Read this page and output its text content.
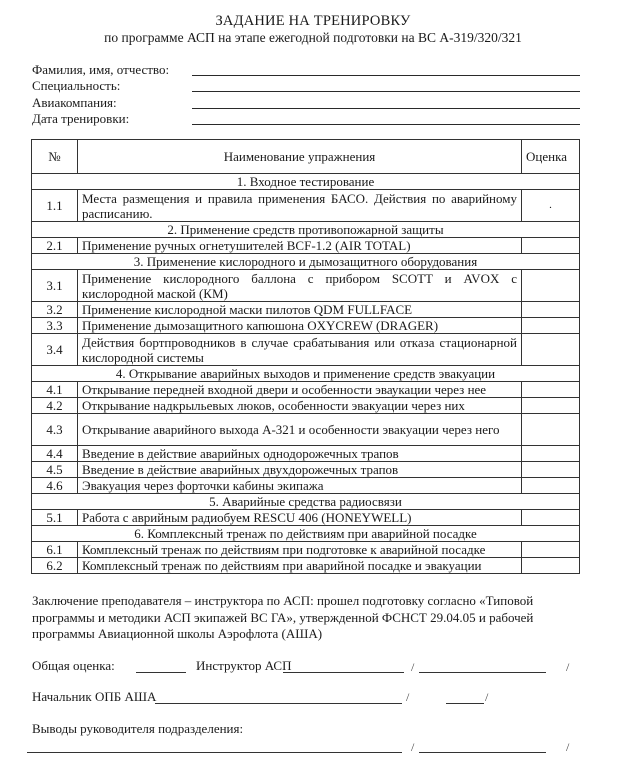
ЗАДАНИЕ НА ТРЕНИРОВКУ
по программе АСП на этапе ежегодной подготовки на ВС А-319/320/321
Фамилия, имя, отчество:
Специальность:
Авиакомпания:
Дата тренировки:
№	Наименование упражнения	Оценка
1. Входное тестирование		
1.1	Места размещения и правила применения БАСО. Действия по аварийному расписанию.	.

2. Применение средств противопожарной защиты		
2.1	Применение ручных огнетушителей BCF-1.2 (AIR TOTAL)	
3. Применение кислородного и дымозащитного оборудования		
3.1	Применение кислородного баллона с прибором SCOTT и AVOX с кислородной маской (КМ)	
3.2	Применение кислородной маски пилотов QDM FULLFACE	
3.3	Применение дымозащитного капюшона OXYCREW (DRAGER)	
3.4	Действия бортпроводников в случае срабатывания или отказа стационарной кислородной системы	
4. Открывание аварийных выходов и применение средств эвакуации		
4.1	Открывание передней входной двери и особенности эваукации через нее	
4.2	Открывание надкрыльевых люков, особенности эвакуации через них	
4.3	Открывание аварийного выхода А-321 и особенности эвакуации через него	
4.4	Введение в действие аварийных однодорожечных трапов	
4.5	Введение в действие аварийных двухдорожечных трапов	
4.6	Эвакуация через форточки кабины экипажа	
5. Аварийные средства радиосвязи		
5.1	Работа с аврийным радиобуем RESCU 406 (HONEYWELL)	
6. Комплексный тренаж по действиям при аварийной посадке		
6.1	Комплексный тренаж по действиям при подготовке к аварийной посадке	
6.2	Комплексный тренаж по действиям при аварийной посадке и эвакуации	
Заключение преподавателя – инструктора по АСП: прошел подготовку согласно «Типовой программы и методики АСП экипажей ВС ГА», утвержденной ФСНСТ 29.04.05 и рабочей программы Авиационной школы Аэрофлота (АША)
Общая оценка:	Инструктор АСП	/	/
Начальник ОПБ АША	/	/
Выводы руководителя подразделения:
/	/
